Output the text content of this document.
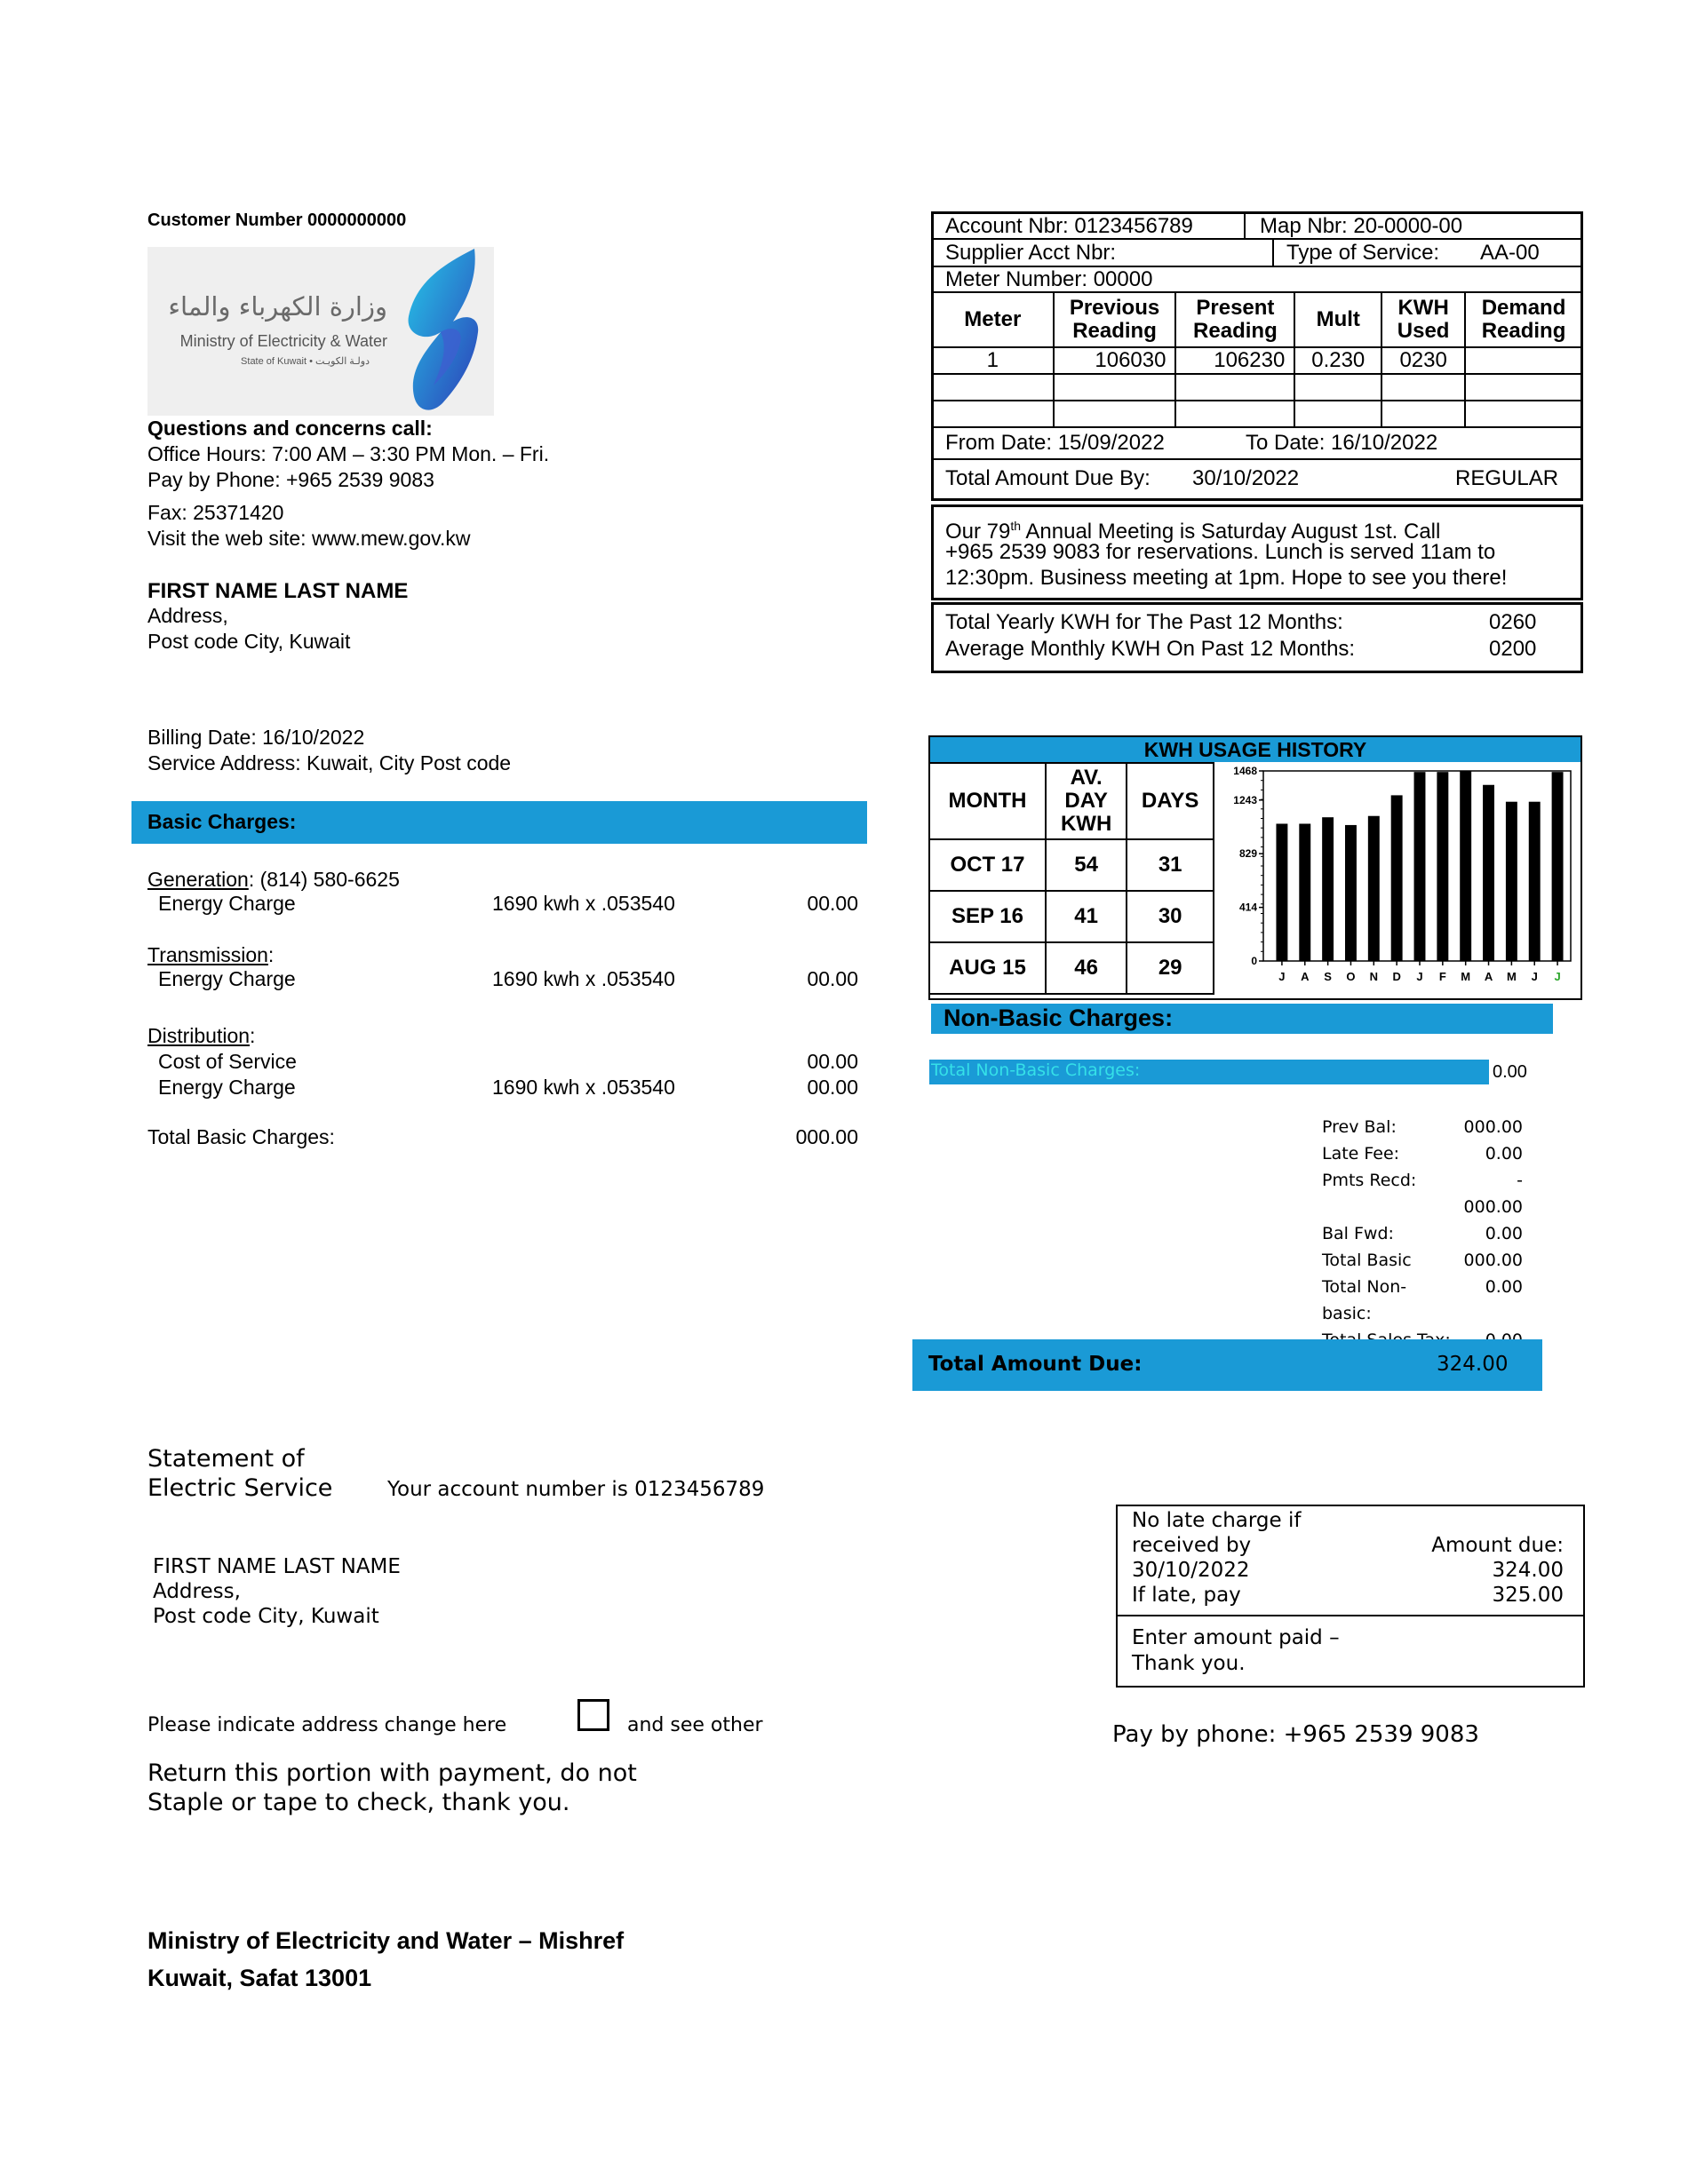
Customer Number 0000000000
وزارة الكهرباء والماء
Ministry of Electricity & Water
State of Kuwait • دولـة الكويـت
Questions and concerns call:
Office Hours: 7:00 AM – 3:30 PM Mon. – Fri.
Pay by Phone: +965 2539 9083
Fax: 25371420
Visit the web site: www.mew.gov.kw
FIRST NAME LAST NAME
Address,
Post code City, Kuwait
Account Nbr: 0123456789	Map Nbr: 20-0000-00
Supplier Acct Nbr:	Type of Service: AA-00
Meter Number: 00000
Meter	Previous Reading	Present Reading	Mult	KWH Used	Demand Reading
1	106030	106230	0.230	0230	

From Date: 15/09/2022	To Date: 16/10/2022
Total Amount Due By: 30/10/2022	REGULAR
Our 79th Annual Meeting is Saturday August 1st. Call
+965 2539 9083 for reservations. Lunch is served 11am to
12:30pm. Business meeting at 1pm. Hope to see you there!
Total Yearly KWH for The Past 12 Months:	0260
Average Monthly KWH On Past 12 Months:	0200
Billing Date: 16/10/2022
Service Address: Kuwait, City Post code
Basic Charges:
Generation: (814) 580-6625
Energy Charge	1690 kwh x .053540	00.00
Transmission:
Energy Charge	1690 kwh x .053540	00.00
Distribution:
Cost of Service	00.00
Energy Charge	1690 kwh x .053540	00.00
Total Basic Charges:	000.00
KWH USAGE HISTORY
MONTH	AV. DAY KWH	DAYS
OCT 17	54	31
SEP 16	41	30
AUG 15	46	29	0
414
829
1243
1468
J A S O N D J F M A M J J
Non-Basic Charges:
Total Non-Basic Charges:	0.00
Prev Bal:	000.00
Late Fee:	0.00
Pmts Recd:	- 000.00
Bal Fwd:	0.00
Total Basic	000.00
Total Non-basic:
0.00
Total Amount Due:	324.00
Statement of
Electric Service	Your account number is 0123456789
FIRST NAME LAST NAME
Address,
Post code City, Kuwait
Please indicate address change here	and see other
Return this portion with payment, do not
Staple or tape to check, thank you.
No late charge if
received by
30/10/2022
If late, pay
Amount due:
324.00
325.00
Enter amount paid –
Thank you.
Pay by phone: +965 2539 9083
Ministry of Electricity and Water – Mishref
Kuwait, Safat 13001
